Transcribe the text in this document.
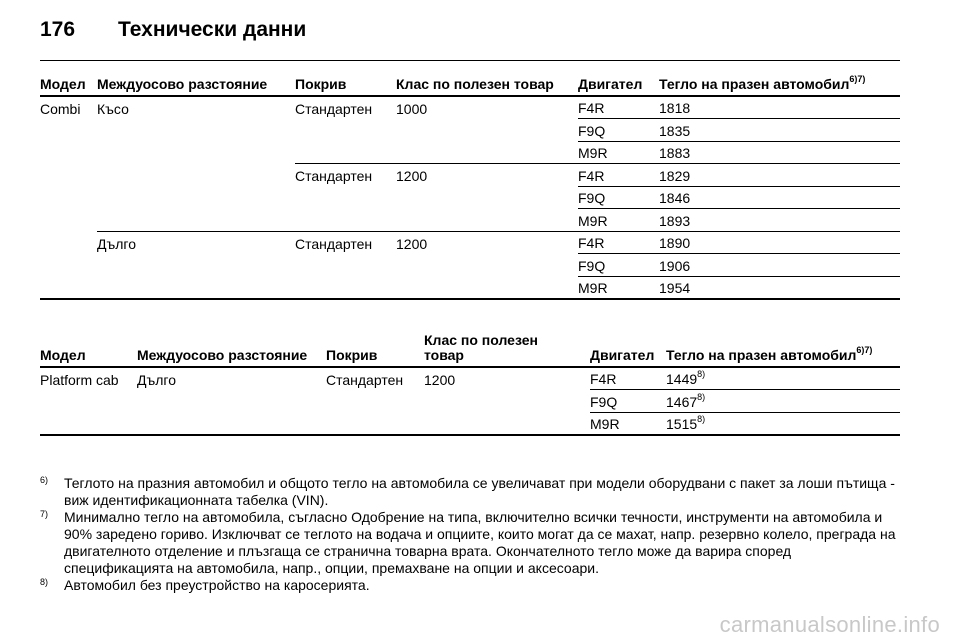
176 Технически данни
Модел	Междуосово разстояние	Покрив	Клас по полезен товар	Двигател	Тегло на празен автомобил$^{6)7)}$
Combi	Късо	Стандартен	1000	F4R	1818
				F9Q	1835
				M9R	1883
		Стандартен	1200	F4R	1829
				F9Q	1846
				M9R	1893
	Дълго	Стандартен	1200	F4R	1890
				F9Q	1906
				M9R	1954
Модел	Междуосово разстояние	Покрив	Клас по полезен товар	Двигател	Тегло на празен автомобил$^{6)7)}$
Platform cab	Дълго	Стандартен	1200	F4R	1449$^{8)}$
				F9Q	1467$^{8)}$
				M9R	1515$^{8)}$

6) Теглото на празния автомобил и общото тегло на автомобила се увеличават при модели оборудвани с пакет за лоши пътища - виж идентификационната табелка (VIN).

7) Минимално тегло на автомобила, съгласно Одобрение на типа, включително всички течности, инструменти на автомобила и 90% заредено гориво. Изключват се теглото на водача и опциите, които могат да се махат, напр. резервно колело, преграда на двигателното отделение и плъзгаща се странична товарна врата. Окончателното тегло може да варира според спецификацията на автомобила, напр., опции, премахване на опции и аксесоари.

8) Автомобил без преустройство на каросерията.

carmanualsonline.info
